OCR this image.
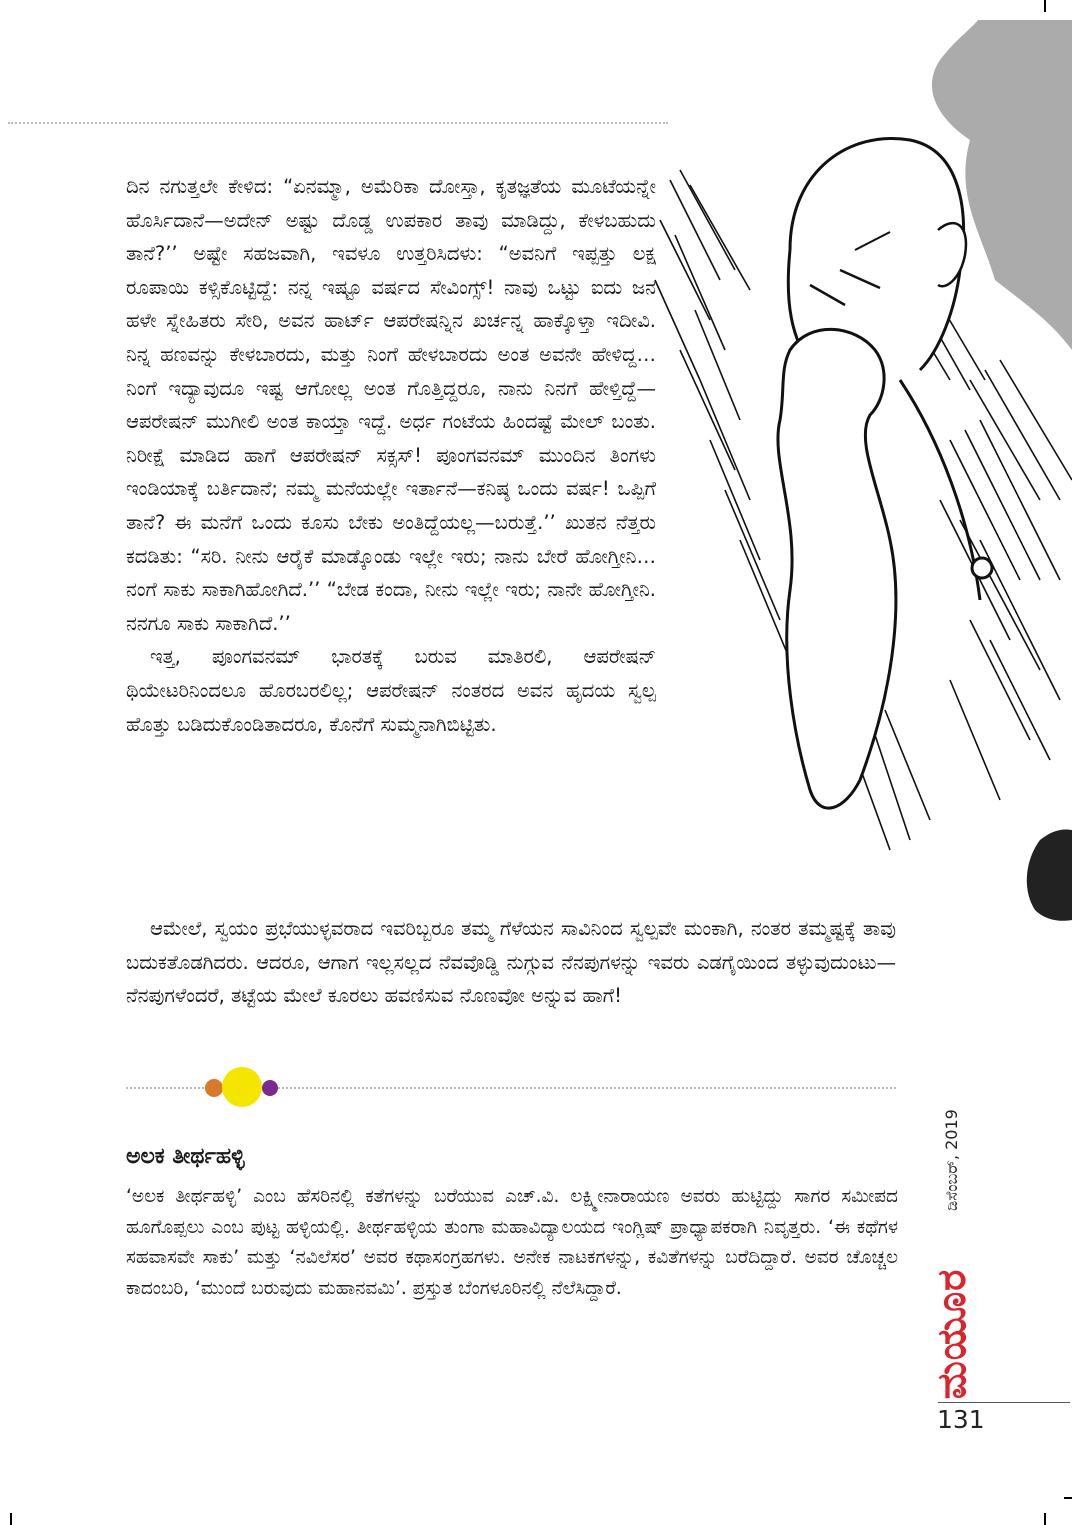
ದಿನ ನಗುತ್ತಲೇ ಕೇಳಿದ: “ಏನಮ್ಮಾ, ಅಮೆರಿಕಾ ದೋಸ್ತಾ, ಕೃತಜ್ಞತೆಯ ಮೂಟೆಯನ್ನೇ ಹೊರ್ಸಿದಾನೆ—ಅದೇನ್ ಅಷ್ಟು ದೊಡ್ಡ ಉಪಕಾರ ತಾವು ಮಾಡಿದ್ದು, ಕೇಳಬಹುದು ತಾನೆ?’’ ಅಷ್ಟೇ ಸಹಜವಾಗಿ, ಇವಳೂ ಉತ್ತರಿಸಿದಳು: “ಅವನಿಗೆ ಇಪ್ಪತ್ತು ಲಕ್ಷ ರೂಪಾಯಿ ಕಳ್ಸಿಕೊಟ್ಟಿದ್ದೆ: ನನ್ನ ಇಷ್ಟೂ ವರ್ಷದ ಸೇವಿಂಗ್ಸ್! ನಾವು ಒಟ್ಟು ಐದು ಜನ ಹಳೇ ಸ್ನೇಹಿತರು ಸೇರಿ, ಅವನ ಹಾರ್ಟ್ ಆಪರೇಷನ್ನಿನ ಖರ್ಚನ್ನ ಹಾಕ್ಕೊಳ್ತಾ ಇದೀವಿ. ನಿನ್ನ ಹಣವನ್ನು ಕೇಳಬಾರದು, ಮತ್ತು ನಿಂಗೆ ಹೇಳಬಾರದು ಅಂತ ಅವನೇ ಹೇಳಿದ್ದ… ನಿಂಗೆ ಇದ್ಯಾವುದೂ ಇಷ್ಟ ಆಗೋಲ್ಲ ಅಂತ ಗೊತ್ತಿದ್ದರೂ, ನಾನು ನಿನಗೆ ಹೇಳ್ತಿದ್ದೆ—ಆಪರೇಷನ್ ಮುಗೀಲಿ ಅಂತ ಕಾಯ್ತಾ ಇದ್ದೆ. ಅರ್ಧ ಗಂಟೆಯ ಹಿಂದಷ್ಟೆ ಮೇಲ್ ಬಂತು. ನಿರೀಕ್ಷೆ ಮಾಡಿದ ಹಾಗೆ ಆಪರೇಷನ್ ಸಕ್ಸಸ್! ಪೂಂಗವನಮ್ ಮುಂದಿನ ತಿಂಗಳು ಇಂಡಿಯಾಕ್ಕೆ ಬರ್ತಿದಾನೆ; ನಮ್ಮ ಮನೆಯಲ್ಲೇ ಇರ್ತಾನೆ—ಕನಿಷ್ಠ ಒಂದು ವರ್ಷ! ಒಪ್ಪಿಗೆ ತಾನೆ? ಈ ಮನೆಗೆ ಒಂದು ಕೂಸು ಬೇಕು ಅಂತಿದ್ದೆಯಲ್ಲ—ಬರುತ್ತೆ.’’ ಖುತನ ನೆತ್ತರು ಕದಡಿತು: “ಸರಿ. ನೀನು ಆರೈಕೆ ಮಾಡ್ಕೊಂಡು ಇಲ್ಲೇ ಇರು; ನಾನು ಬೇರೆ ಹೋಗ್ತೀನಿ… ನಂಗೆ ಸಾಕು ಸಾಕಾಗಿಹೋಗಿದೆ.’’ “ಬೇಡ ಕಂದಾ, ನೀನು ಇಲ್ಲೇ ಇರು; ನಾನೇ ಹೋಗ್ತೀನಿ. ನನಗೂ ಸಾಕು ಸಾಕಾಗಿದೆ.’’

ಇತ್ತ, ಪೂಂಗವನಮ್ ಭಾರತಕ್ಕೆ ಬರುವ ಮಾತಿರಲಿ, ಆಪರೇಷನ್ ಥಿಯೇಟರಿನಿಂದಲೂ ಹೊರಬರಲಿಲ್ಲ; ಆಪರೇಷನ್ ನಂತರದ ಅವನ ಹೃದಯ ಸ್ವಲ್ಪ ಹೊತ್ತು ಬಡಿದುಕೊಂಡಿತಾದರೂ, ಕೊನೆಗೆ ಸುಮ್ಮನಾಗಿಬಿಟ್ಟಿತು.

ಆಮೇಲೆ, ಸ್ವಯಂ ಪ್ರಭೆಯುಳ್ಳವರಾದ ಇವರಿಬ್ಬರೂ ತಮ್ಮ ಗೆಳೆಯನ ಸಾವಿನಿಂದ ಸ್ವಲ್ಪವೇ ಮಂಕಾಗಿ, ನಂತರ ತಮ್ಮಷ್ಟಕ್ಕೆ ತಾವು ಬದುಕತೊಡಗಿದರು. ಆದರೂ, ಆಗಾಗ ಇಲ್ಲಸಲ್ಲದ ನೆವವೊಡ್ಡಿ ನುಗ್ಗುವ ನೆನಪುಗಳನ್ನು ಇವರು ಎಡಗೈಯಿಂದ ತಳ್ಳುವುದುಂಟು— ನೆನಪುಗಳೆಂದರೆ, ತಟ್ಟೆಯ ಮೇಲೆ ಕೂರಲು ಹವಣಿಸುವ ನೊಣವೋ ಅನ್ನುವ ಹಾಗೆ!

ಅಲಕ ತೀರ್ಥಹಳ್ಳಿ

‘ಅಲಕ ತೀರ್ಥಹಳ್ಳಿ’ ಎಂಬ ಹೆಸರಿನಲ್ಲಿ ಕತೆಗಳನ್ನು ಬರೆಯುವ ಎಚ್.ವಿ. ಲಕ್ಷ್ಮೀನಾರಾಯಣ ಅವರು ಹುಟ್ಟಿದ್ದು ಸಾಗರ ಸಮೀಪದ ಹೂಗೊಪ್ಪಲು ಎಂಬ ಪುಟ್ಟ ಹಳ್ಳಿಯಲ್ಲಿ. ತೀರ್ಥಹಳ್ಳಿಯ ತುಂಗಾ ಮಹಾವಿದ್ಯಾಲಯದ ಇಂಗ್ಲಿಷ್ ಪ್ರಾಧ್ಯಾಪಕರಾಗಿ ನಿವೃತ್ತರು. ‘ಈ ಕಥೆಗಳ ಸಹವಾಸವೇ ಸಾಕು’ ಮತ್ತು ‘ನವಿಲೆಸರ’ ಅವರ ಕಥಾಸಂಗ್ರಹಗಳು. ಅನೇಕ ನಾಟಕಗಳನ್ನು, ಕವಿತೆಗಳನ್ನು ಬರೆದಿದ್ದಾರೆ. ಅವರ ಚೊಚ್ಚಲ ಕಾದಂಬರಿ, ‘ಮುಂದೆ ಬರುವುದು ಮಹಾನವಮಿ’. ಪ್ರಸ್ತುತ ಬೆಂಗಳೂರಿನಲ್ಲಿ ನೆಲೆಸಿದ್ದಾರೆ.

ಡಿಸೆಂಬರ್, 2019
ಮಯೂರ
131
